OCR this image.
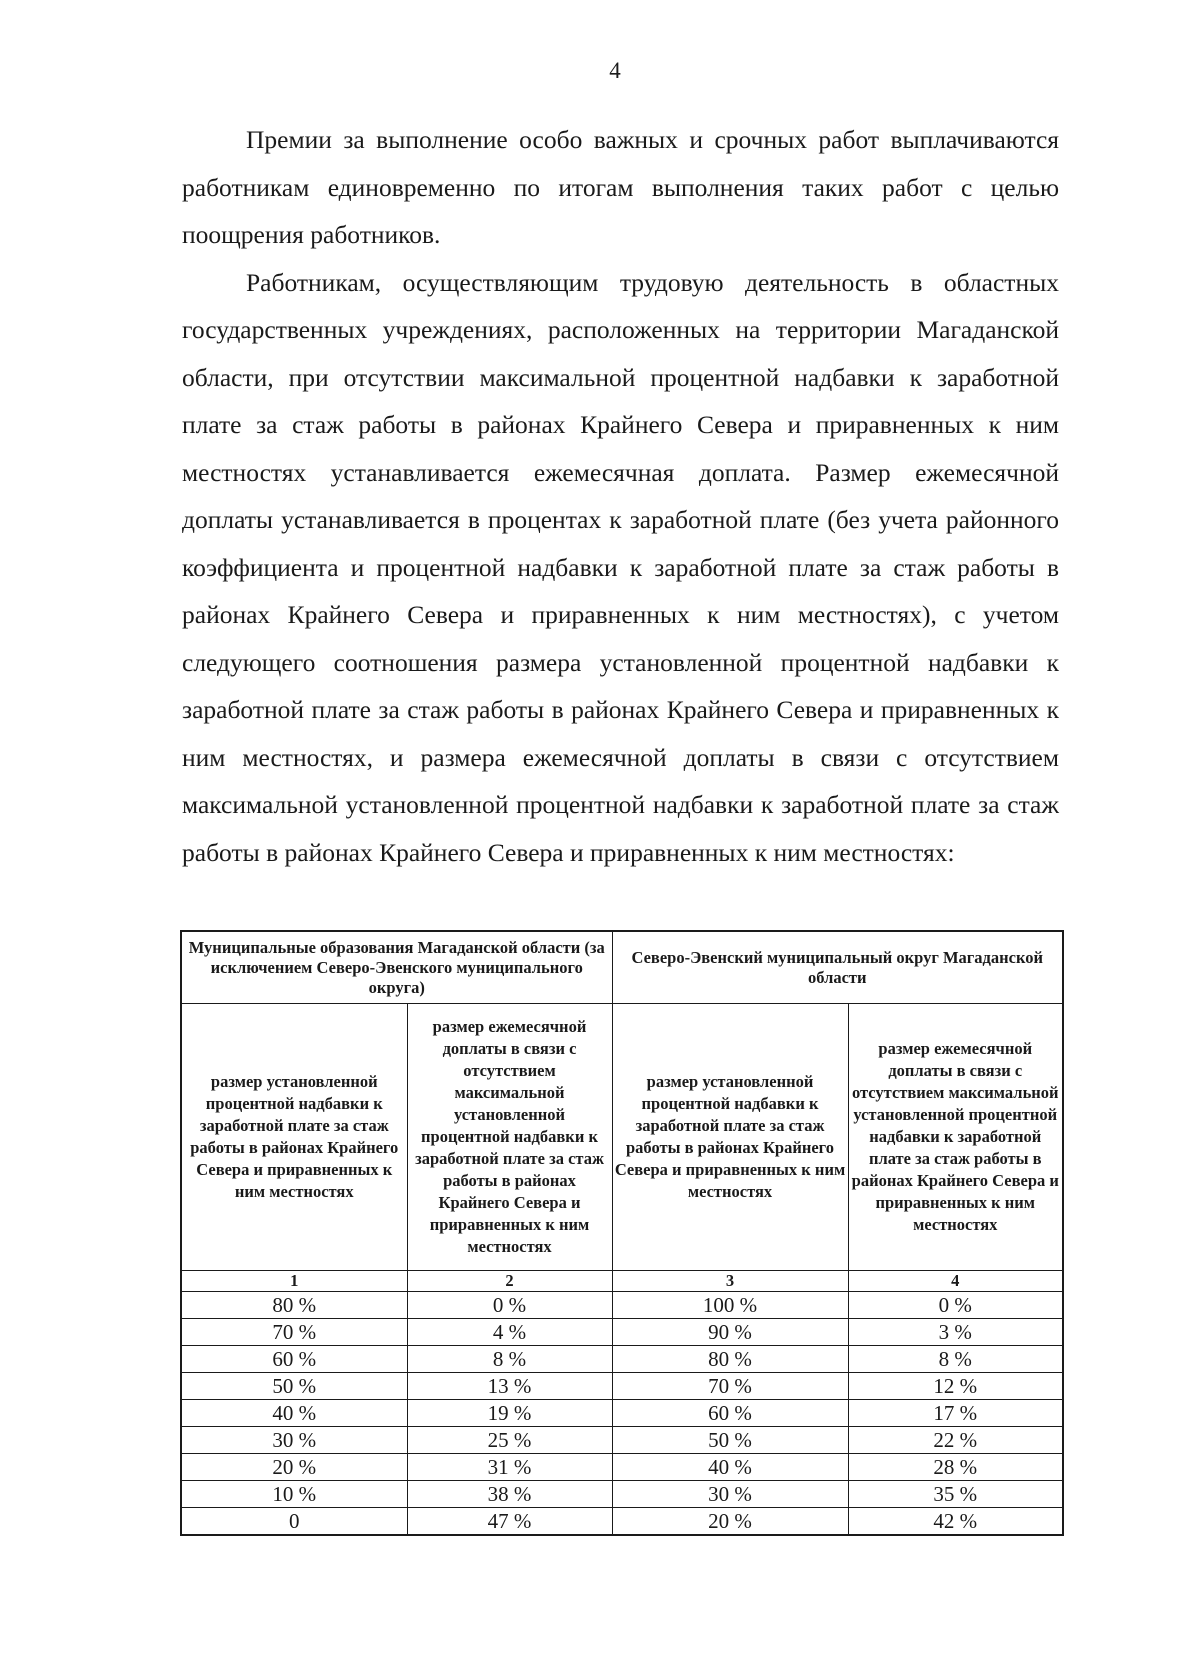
4

Премии за выполнение особо важных и срочных работ выплачиваются работникам единовременно по итогам выполнения таких работ с целью поощрения работников.

Работникам, осуществляющим трудовую деятельность в областных государственных учреждениях, расположенных на территории Магаданской области, при отсутствии максимальной процентной надбавки к заработной плате за стаж работы в районах Крайнего Севера и приравненных к ним местностях устанавливается ежемесячная доплата. Размер ежемесячной доплаты устанавливается в процентах к заработной плате (без учета районного коэффициента и процентной надбавки к заработной плате за стаж работы в районах Крайнего Севера и приравненных к ним местностях), с учетом следующего соотношения размера установленной процентной надбавки к заработной плате за стаж работы в районах Крайнего Севера и приравненных к ним местностях, и размера ежемесячной доплаты в связи с отсутствием максимальной установленной процентной надбавки к заработной плате за стаж работы в районах Крайнего Севера и приравненных к ним местностях:

Муниципальные образования Магаданской области (за исключением Северо-Эвенского муниципального округа)		Северо-Эвенский муниципальный округ Магаданской области	
размер установленной процентной надбавки к заработной плате за стаж работы в районах Крайнего Севера и приравненных к ним местностях	размер ежемесячной доплаты в связи с отсутствием максимальной установленной процентной надбавки к заработной плате за стаж работы в районах Крайнего Севера и приравненных к ним местностях	размер установленной процентной надбавки к заработной плате за стаж работы в районах Крайнего Севера и приравненных к ним местностях	размер ежемесячной доплаты в связи с отсутствием максимальной установленной процентной надбавки к заработной плате за стаж работы в районах Крайнего Севера и приравненных к ним местностях
1	2	3	4
80 %	0 %	100 %	0 %
70 %	4 %	90 %	3 %
60 %	8 %	80 %	8 %
50 %	13 %	70 %	12 %
40 %	19 %	60 %	17 %
30 %	25 %	50 %	22 %
20 %	31 %	40 %	28 %
10 %	38 %	30 %	35 %
0	47 %	20 %	42 %
